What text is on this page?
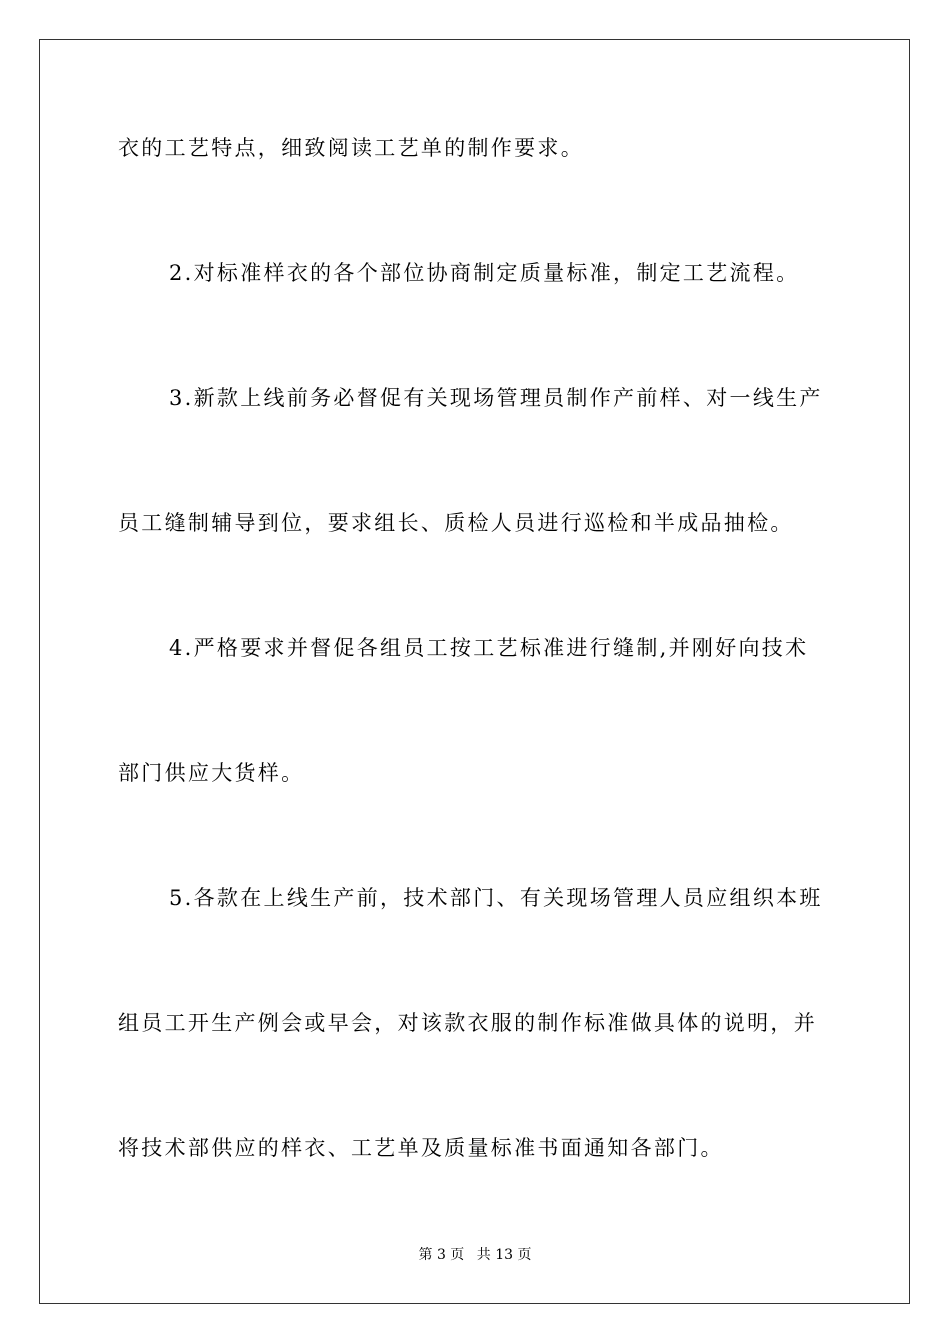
衣的工艺特点，细致阅读工艺单的制作要求。

2.对标准样衣的各个部位协商制定质量标准，制定工艺流程。

3.新款上线前务必督促有关现场管理员制作产前样、对一线生产

员工缝制辅导到位，要求组长、质检人员进行巡检和半成品抽检。

4.严格要求并督促各组员工按工艺标准进行缝制,并刚好向技术

部门供应大货样。

5.各款在上线生产前，技术部门、有关现场管理人员应组织本班

组员工开生产例会或早会，对该款衣服的制作标准做具体的说明，并

将技术部供应的样衣、工艺单及质量标准书面通知各部门。

第 3 页 共 13 页
